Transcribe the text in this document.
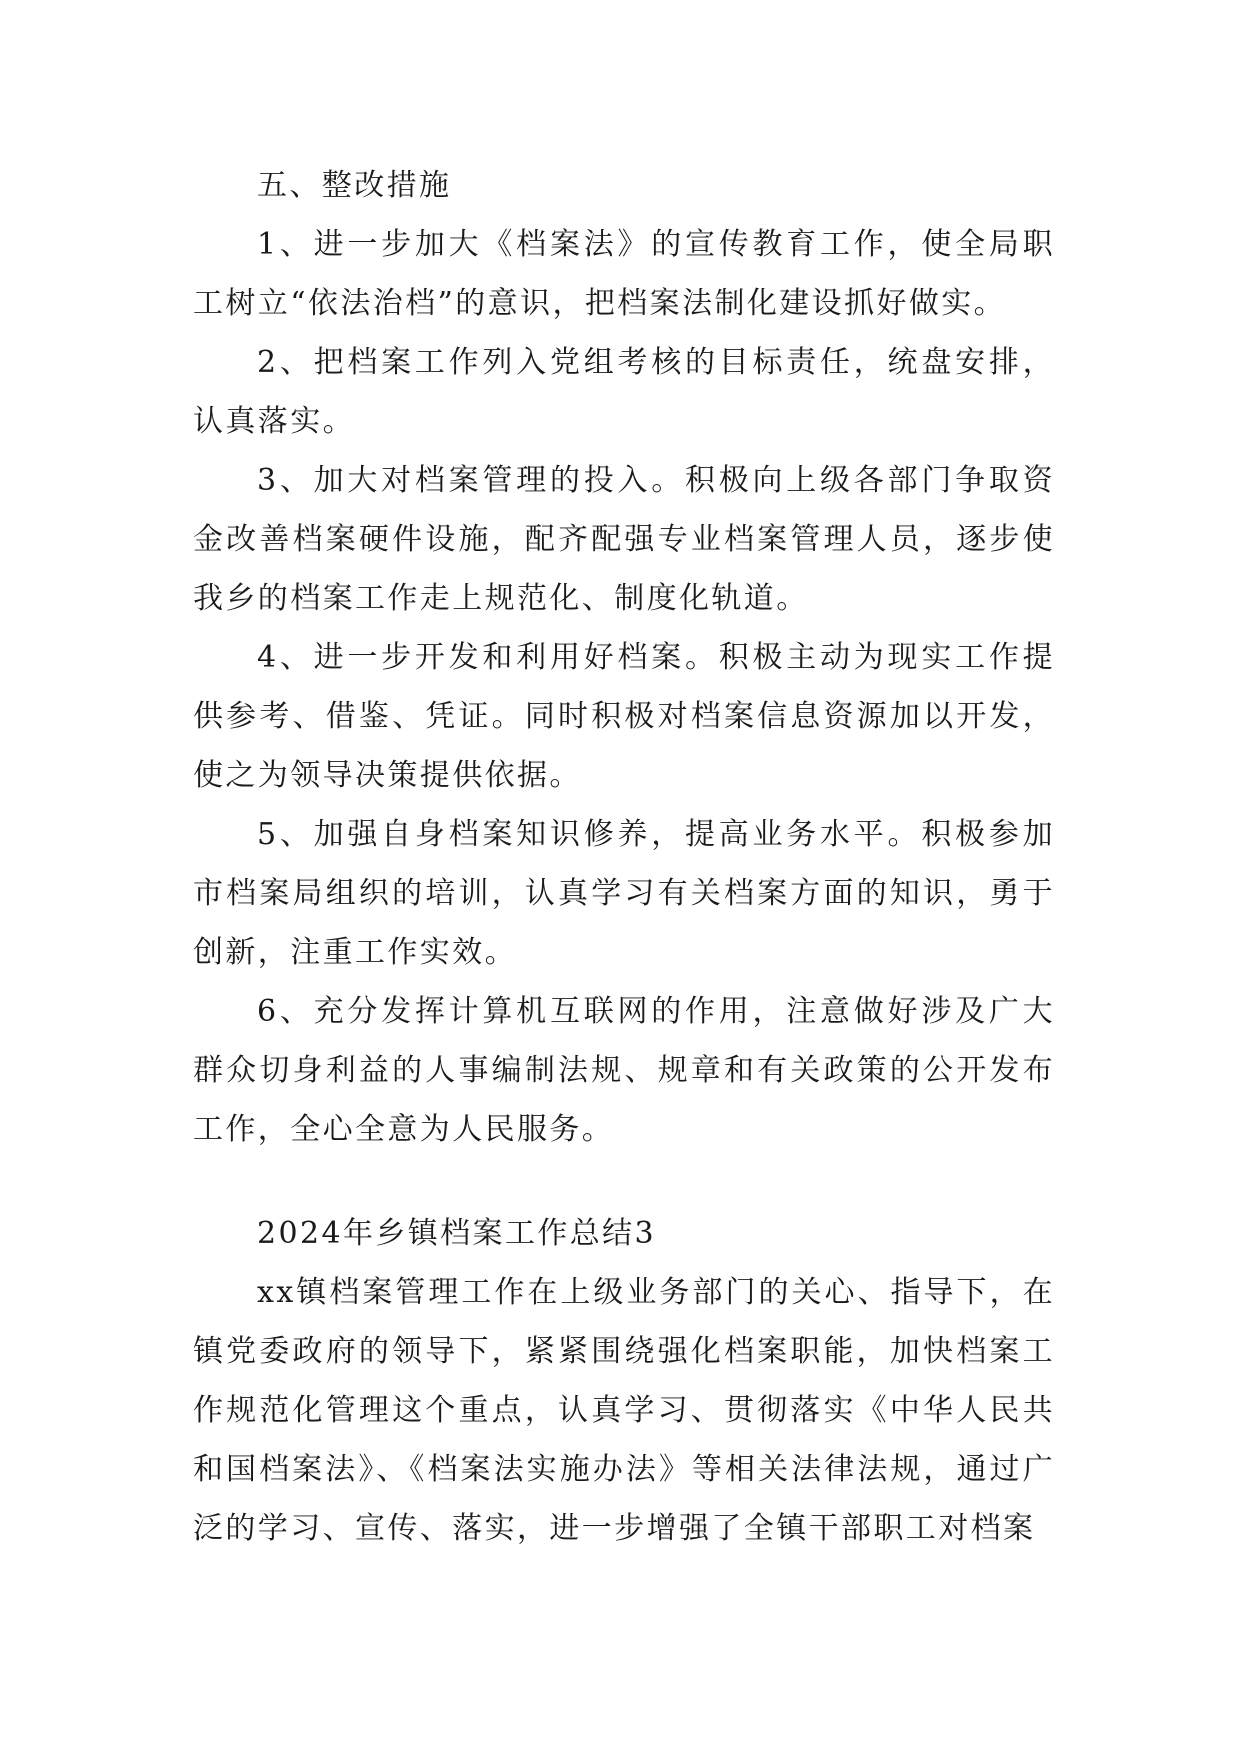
五、整改措施

1、进一步加大《档案法》的宣传教育工作，使全局职工树立“依法治档”的意识，把档案法制化建设抓好做实。

2、把档案工作列入党组考核的目标责任，统盘安排，认真落实。

3、加大对档案管理的投入。积极向上级各部门争取资金改善档案硬件设施，配齐配强专业档案管理人员，逐步使我乡的档案工作走上规范化、制度化轨道。

4、进一步开发和利用好档案。积极主动为现实工作提供参考、借鉴、凭证。同时积极对档案信息资源加以开发，使之为领导决策提供依据。

5、加强自身档案知识修养，提高业务水平。积极参加市档案局组织的培训，认真学习有关档案方面的知识，勇于创新，注重工作实效。

6、充分发挥计算机互联网的作用，注意做好涉及广大群众切身利益的人事编制法规、规章和有关政策的公开发布工作，全心全意为人民服务。

2024年乡镇档案工作总结3

xx镇档案管理工作在上级业务部门的关心、指导下，在镇党委政府的领导下，紧紧围绕强化档案职能，加快档案工作规范化管理这个重点，认真学习、贯彻落实《中华人民共和国档案法》、《档案法实施办法》等相关法律法规，通过广泛的学习、宣传、落实，进一步增强了全镇干部职工对档案
